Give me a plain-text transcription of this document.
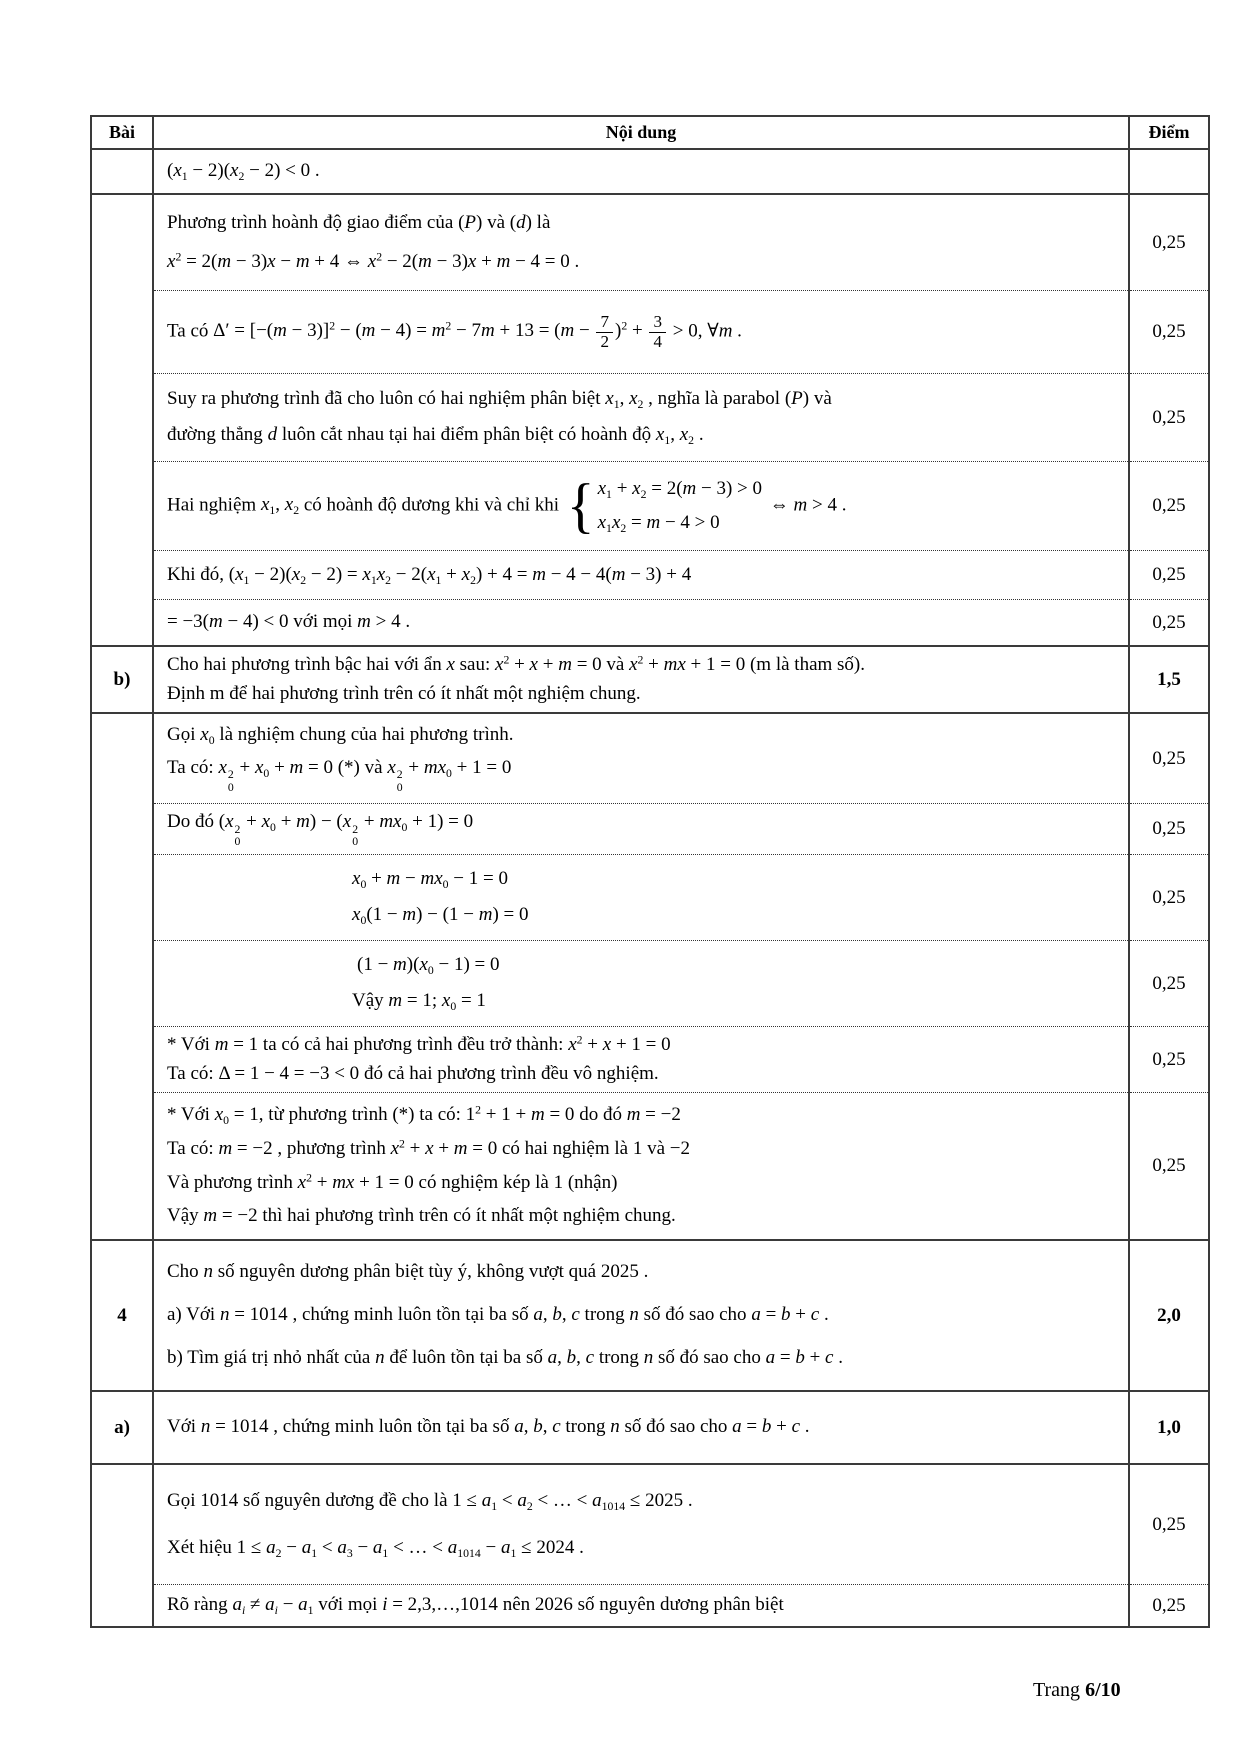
Bài	Nội dung	Điểm

	$(x_1 - 2)(x_2 - 2) < 0$ .	

	Phương trình hoành độ giao điểm của (P) và (d) là
$x^2 = 2(m - 3)x - m + 4$ ⇔ $x^2 - 2(m - 3)x + m - 4 = 0$ .	0,25

Ta có $\Delta' = [-(m - 3)]^2 - (m - 4) = m^2 - 7m + 13 = (m - \frac{7}{2} )^2 + \frac{3}{4} > 0$, ∀m .	0,25

	Suy ra phương trình đã cho luôn có hai nghiệm phân biệt $x_1$, $x_2$ , nghĩa là parabol (P) và
đường thẳng d luôn cắt nhau tại hai điểm phân biệt có hoành độ $x_1$, $x_2$ .	0,25

	Hai nghiệm $x_1$, $x_2$ có hoành độ dương khi và chỉ khi { $x_1 + x_2 = 2(m - 3) > 0$
$x_1x_2 = m - 4 > 0$
⇔ m > 4 .	0,25

	Khi đó, $(x_1 - 2)(x_2 - 2) = x_1x_2 - 2(x_1 + x_2) + 4 = m - 4 - 4(m - 3) + 4$	0,25

	= −3(m − 4) < 0 với mọi m > 4 .	0,25
b)	Cho hai phương trình bậc hai với ẩn x sau: $x^2 + x + m = 0$ và $x^2$ + mx + 1 = 0 (m là tham số).
Định m để hai phương trình trên có ít nhất một nghiệm chung.	1,5

Gọi $x_0$ là nghiệm chung của hai phương trình.
Ta có: x 2
0
+ $x_0 + m = 0$ (*) và x 2
0
+ $mx_0 + 1 = 0$	0,25

Do đó (x 2
0
+ $x_0 + m) - (x$ 2
0
+ $mx_0 + 1) = 0$	0,25

	$x_0 + m - mx_0 - 1 = 0$
$x_0(1 - m) - (1 - m) = 0$	0,25

	$(1 - m)(x_0 - 1) = 0$
Vậy m = 1; $x_0 = 1$	0,25

	* Với m = 1 ta có cả hai phương trình đều trở thành: $x^2 + x + 1 = 0$
Ta có: Δ = 1 − 4 = −3 < 0 đó cả hai phương trình đều vô nghiệm.	0,25

	* Với $x_0 = 1$, từ phương trình (*) ta có: $1^2 + 1 + m = 0$ do đó m = −2
Ta có: m = −2 , phương trình $x^2 + x + m = 0$ có hai nghiệm là 1 và −2
Và phương trình $x^2$ + mx + 1 = 0 có nghiệm kép là 1 (nhận)
Vậy m = −2 thì hai phương trình trên có ít nhất một nghiệm chung.	0,25
4	Cho n số nguyên dương phân biệt tùy ý, không vượt quá 2025 .
a) Với n = 1014 , chứng minh luôn tồn tại ba số a, b, c trong n số đó sao cho a = b + c .
b) Tìm giá trị nhỏ nhất của n để luôn tồn tại ba số a, b, c trong n số đó sao cho a = b + c .	2,0
a)	Với n = 1014 , chứng minh luôn tồn tại ba số a, b, c trong n số đó sao cho a = b + c .	1,0

	Gọi 1014 số nguyên dương đề cho là $1 \le a_1 < a_2$ < … < $a_{1014} \le 2025$ .
Xét hiệu $1 \le a_2 - a_1 < a_3 - a_1$ < … < $a_{1014} - a_1 \le 2024$ .	0,25

	Rõ ràng $a_i \ne a_i - a_1$ với mọi i = 2,3,…,1014 nên 2026 số nguyên dương phân biệt	0,25
Trang 6/10
